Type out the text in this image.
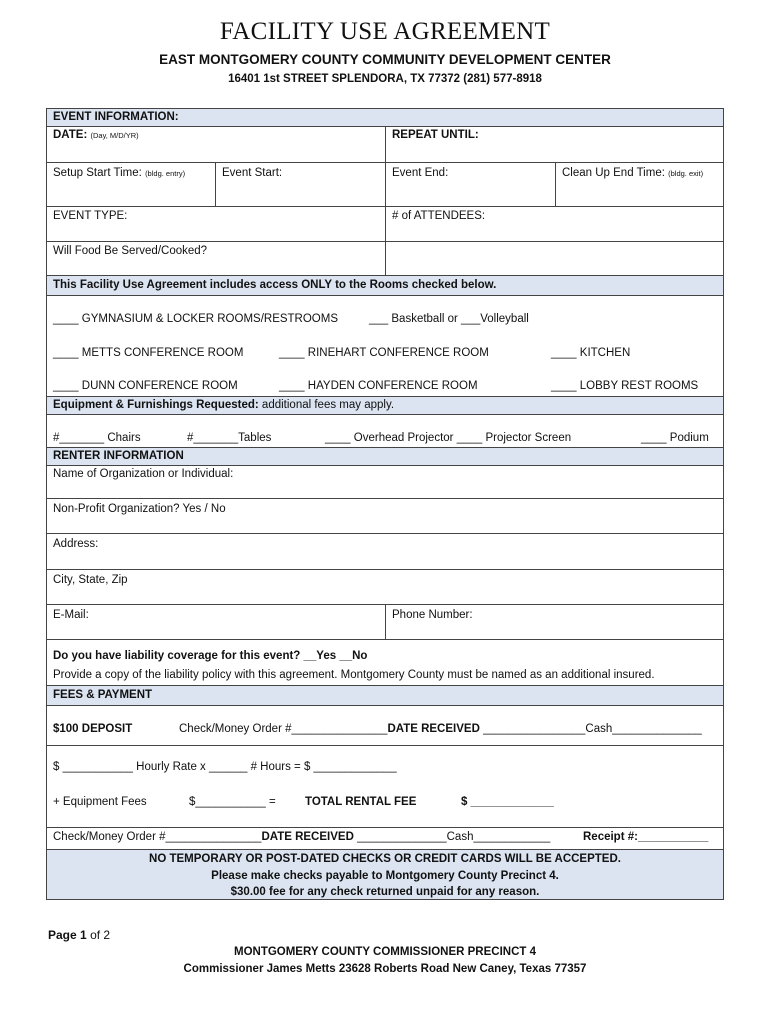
FACILITY USE AGREEMENT
EAST MONTGOMERY COUNTY COMMUNITY DEVELOPMENT CENTER
16401 1st STREET SPLENDORA, TX 77372 (281) 577-8918
EVENT INFORMATION:
DATE: (Day, M/D/YR)	REPEAT UNTIL:
Setup Start Time: (bldg. entry)	Event Start:	Event End:	Clean Up End Time: (bldg. exit)
EVENT TYPE:	# of ATTENDEES:
Will Food Be Served/Cooked?
This Facility Use Agreement includes access ONLY to the Rooms checked below.
____ GYMNASIUM & LOCKER ROOMS/RESTROOMS	___ Basketball or ___Volleyball
____ METTS CONFERENCE ROOM	____ RINEHART CONFERENCE ROOM	____ KITCHEN
____ DUNN CONFERENCE ROOM	____ HAYDEN CONFERENCE ROOM	____ LOBBY REST ROOMS
Equipment & Furnishings Requested: additional fees may apply.
#_______ Chairs	#_______Tables	____ Overhead Projector ____ Projector Screen	____ Podium
RENTER INFORMATION
Name of Organization or Individual:
Non-Profit Organization? Yes / No
Address:
City, State, Zip
E-Mail:	Phone Number:
Do you have liability coverage for this event? __Yes __No
Provide a copy of the liability policy with this agreement. Montgomery County must be named as an additional insured.
FEES & PAYMENT
$100 DEPOSIT	Check/Money Order #_______________DATE RECEIVED ________________Cash______________
$ ___________ Hourly Rate x ______ # Hours = $ _____________
+ Equipment Fees	$___________ =	TOTAL RENTAL FEE	$ _____________
Check/Money Order #_______________DATE RECEIVED ______________Cash____________	Receipt #:___________
NO TEMPORARY OR POST-DATED CHECKS OR CREDIT CARDS WILL BE ACCEPTED.
Please make checks payable to Montgomery County Precinct 4.
$30.00 fee for any check returned unpaid for any reason.
Page 1 of 2
MONTGOMERY COUNTY COMMISSIONER PRECINCT 4
Commissioner James Metts 23628 Roberts Road New Caney, Texas 77357
